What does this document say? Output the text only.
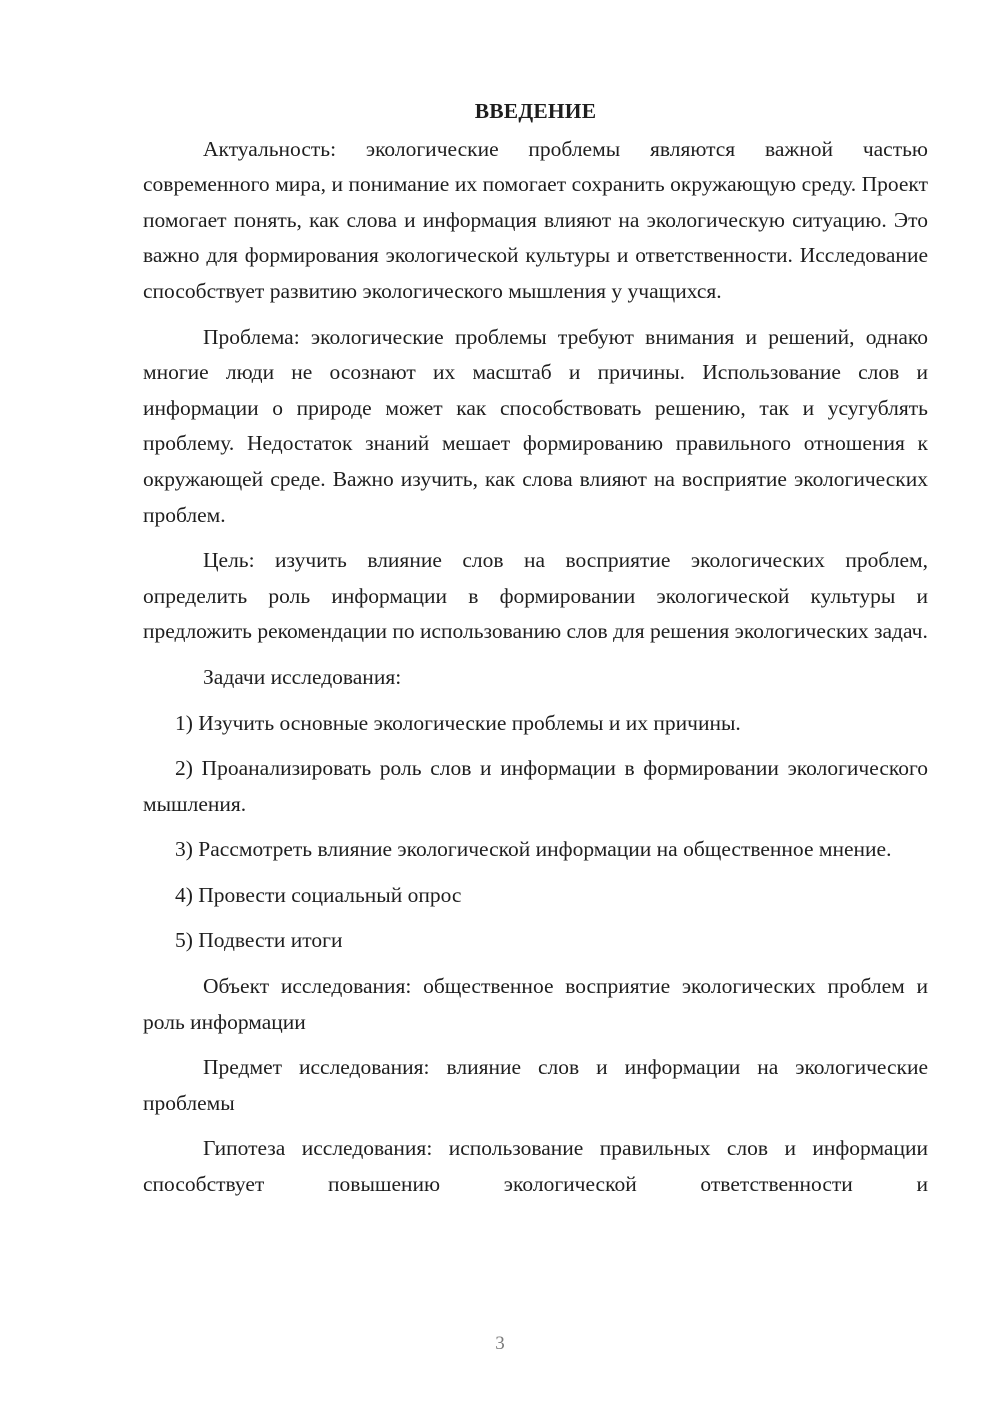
ВВЕДЕНИЕ

Актуальность: экологические проблемы являются важной частью современного мира, и понимание их помогает сохранить окружающую среду. Проект помогает понять, как слова и информация влияют на экологическую ситуацию. Это важно для формирования экологической культуры и ответственности. Исследование способствует развитию экологического мышления у учащихся.

Проблема: экологические проблемы требуют внимания и решений, однако многие люди не осознают их масштаб и причины. Использование слов и информации о природе может как способствовать решению, так и усугублять проблему. Недостаток знаний мешает формированию правильного отношения к окружающей среде. Важно изучить, как слова влияют на восприятие экологических проблем.

Цель: изучить влияние слов на восприятие экологических проблем, определить роль информации в формировании экологической культуры и предложить рекомендации по использованию слов для решения экологических задач.

Задачи исследования:

1) Изучить основные экологические проблемы и их причины.

2) Проанализировать роль слов и информации в формировании экологического мышления.

3) Рассмотреть влияние экологической информации на общественное мнение.

4) Провести социальный опрос

5) Подвести итоги

Объект исследования: общественное восприятие экологических проблем и роль информации

Предмет исследования: влияние слов и информации на экологические проблемы

Гипотеза исследования: использование правильных слов и информации способствует повышению экологической ответственности и

3
